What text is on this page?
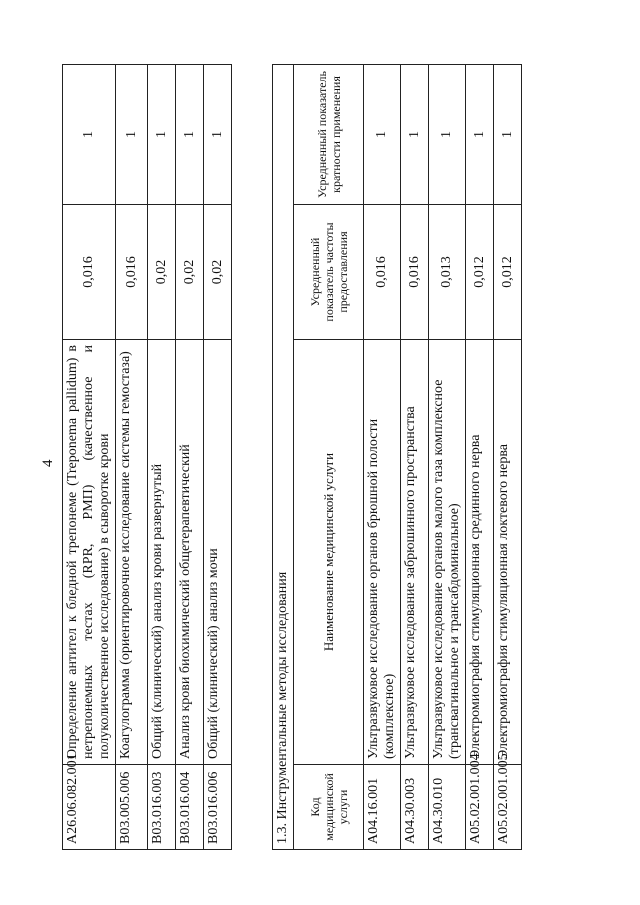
4
A26.06.082.001	Определение антител к бледной трепонеме (Treponema pallidum) в нетрепонемных тестах (RPR, РМП) (качественное и полуколичественное исследование) в сыворотке крови	0,016	1
B03.005.006	Коагулограмма (ориентировочное исследование системы гемостаза)	0,016	1
B03.016.003	Общий (клинический) анализ крови развернутый	0,02	1
B03.016.004	Анализ крови биохимический общетерапевтический	0,02	1
B03.016.006	Общий (клинический) анализ мочи	0,02	1
1.3. Инструментальные методы исследования			
Код медицинской услуги	Наименование медицинской услуги	Усредненный показатель частоты предоставления	Усредненный показатель кратности применения
A04.16.001	Ультразвуковое исследование органов брюшной полости (комплексное)	0,016	1
A04.30.003	Ультразвуковое исследование забрюшинного пространства	0,016	1
A04.30.010	Ультразвуковое исследование органов малого таза комплексное (трансвагинальное и трансабдоминальное)	0,013	1
A05.02.001.004	Электромиография стимуляционная срединного нерва	0,012	1
A05.02.001.005	Электромиография стимуляционная локтевого нерва	0,012	1
